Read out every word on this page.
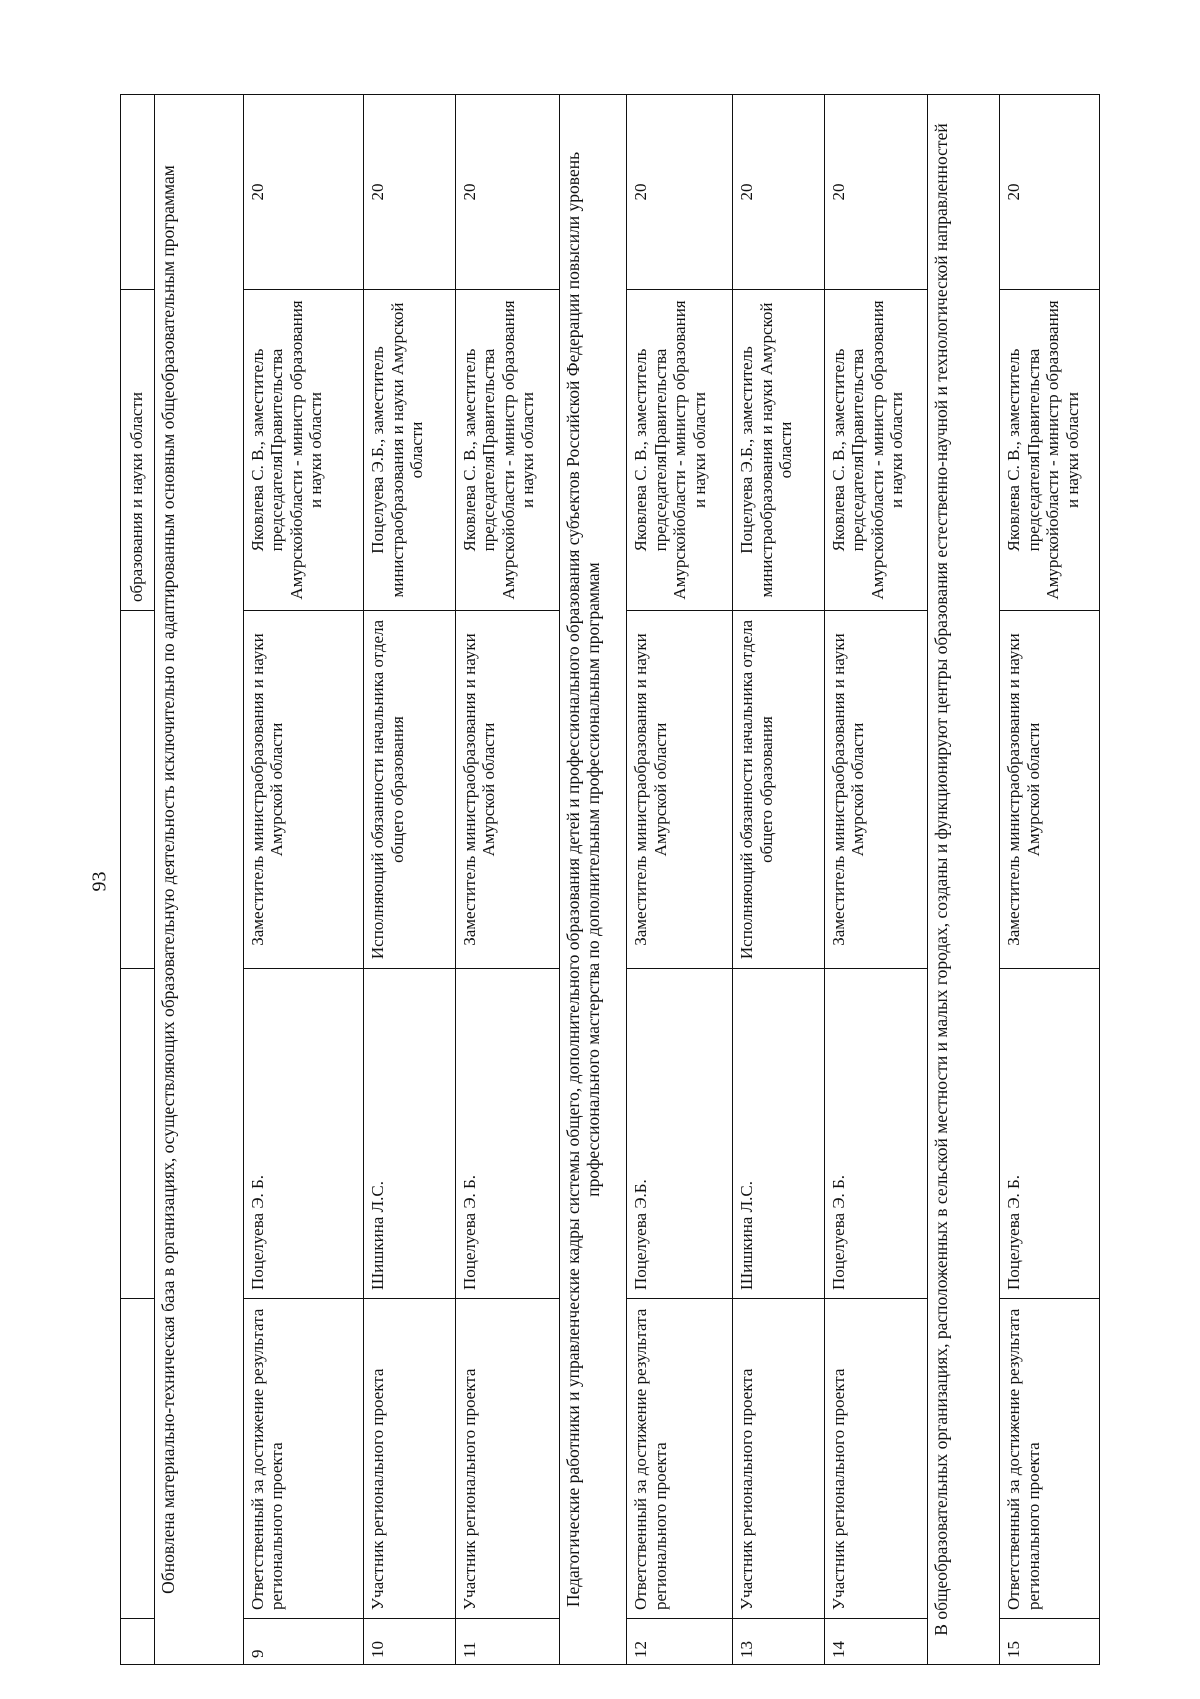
93
				образования и науки области	
Обновлена материально-техническая база в организациях, осуществляющих образовательную деятельность исключительно по адаптированным основным общеобразовательным программам					
9	Ответственный за достижение результата регионального проекта	Поцелуева Э. Б.	Заместитель министраобразования и науки Амурской области	Яковлева С. В., заместитель председателяПравительства Амурскойобласти - министр образования и науки области	20
10	Участник регионального проекта	Шишкина Л.С.	Исполняющий обязанности начальника отдела общего образования	Поцелуева Э.Б., заместитель министраобразования и науки Амурской области	20
11	Участник регионального проекта	Поцелуева Э. Б.	Заместитель министраобразования и науки Амурской области	Яковлева С. В., заместитель председателяПравительства Амурскойобласти - министр образования и науки области	20
Педагогические работники и управленческие кадры системы общего, дополнительного образования детей и профессионального образования субъектов Российской Федерации повысили уровень профессионального мастерства по дополнительным профессиональным программам					
12	Ответственный за достижение результата регионального проекта	Поцелуева Э.Б.	Заместитель министраобразования и науки Амурской области	Яковлева С. В., заместитель председателяПравительства Амурскойобласти - министр образования и науки области	20
13	Участник регионального проекта	Шишкина Л.С.	Исполняющий обязанности начальника отдела общего образования	Поцелуева Э.Б., заместитель министраобразования и науки Амурской области	20
14	Участник регионального проекта	Поцелуева Э. Б.	Заместитель министраобразования и науки Амурской области	Яковлева С. В., заместитель председателяПравительства Амурскойобласти - министр образования и науки области	20
В общеобразовательных организациях, расположенных в сельской местности и малых городах, созданы и функционируют центры образования естественно-научной и технологической направленностей					
15	Ответственный за достижение результата регионального проекта	Поцелуева Э. Б.	Заместитель министраобразования и науки Амурской области	Яковлева С. В., заместитель председателяПравительства Амурскойобласти - министр образования и науки области	20
